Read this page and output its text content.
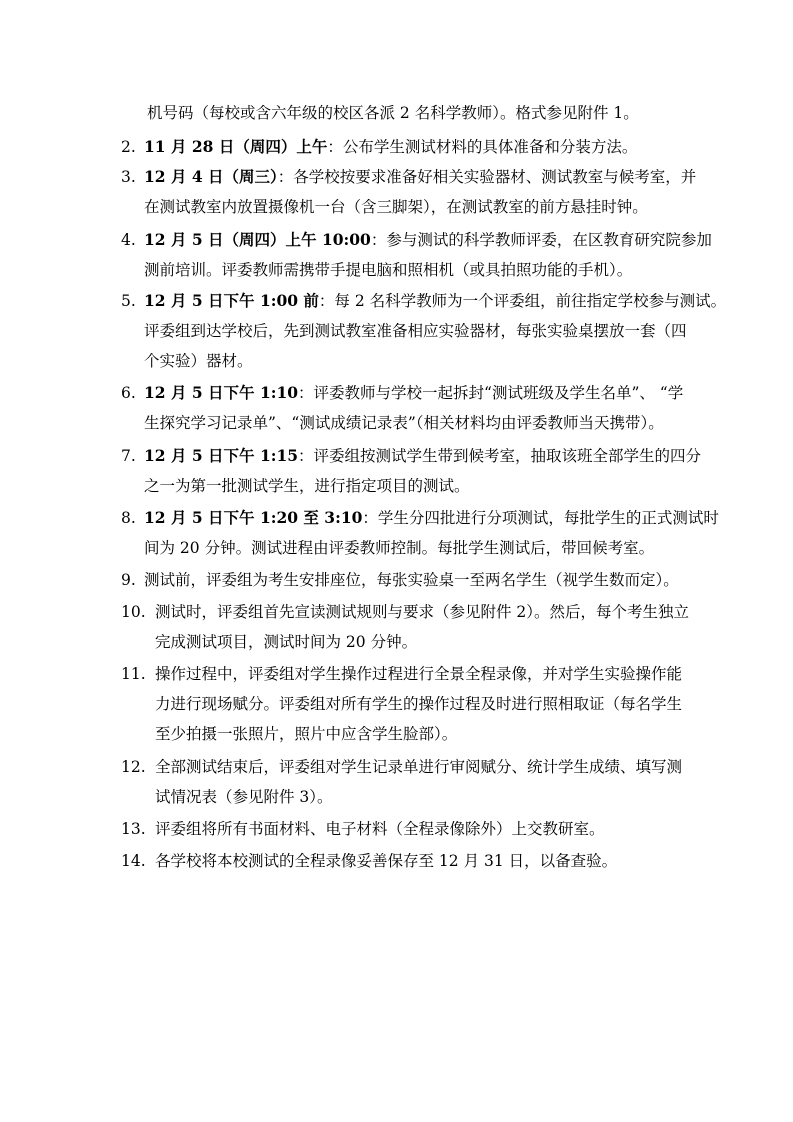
机号码（每校或含六年级的校区各派 2 名科学教师）。格式参见附件 1。
2. 11 月 28 日（周四）上午：公布学生测试材料的具体准备和分装方法。
3. 12 月 4 日（周三）：各学校按要求准备好相关实验器材、测试教室与候考室，并
在测试教室内放置摄像机一台（含三脚架），在测试教室的前方悬挂时钟。
4. 12 月 5 日（周四）上午 10:00：参与测试的科学教师评委，在区教育研究院参加
测前培训。评委教师需携带手提电脑和照相机（或具拍照功能的手机）。
5. 12 月 5 日下午 1:00 前：每 2 名科学教师为一个评委组，前往指定学校参与测试。
评委组到达学校后，先到测试教室准备相应实验器材，每张实验桌摆放一套（四
个实验）器材。
6. 12 月 5 日下午 1:10：评委教师与学校一起拆封“测试班级及学生名单”、 “学
生探究学习记录单”、“测试成绩记录表”（相关材料均由评委教师当天携带）。
7. 12 月 5 日下午 1:15：评委组按测试学生带到候考室，抽取该班全部学生的四分
之一为第一批测试学生，进行指定项目的测试。
8. 12 月 5 日下午 1:20 至 3:10：学生分四批进行分项测试，每批学生的正式测试时
间为 20 分钟。测试进程由评委教师控制。每批学生测试后，带回候考室。
9. 测试前，评委组为考生安排座位，每张实验桌一至两名学生（视学生数而定）。
10. 测试时，评委组首先宣读测试规则与要求（参见附件 2）。然后，每个考生独立
完成测试项目，测试时间为 20 分钟。
11. 操作过程中，评委组对学生操作过程进行全景全程录像，并对学生实验操作能
力进行现场赋分。评委组对所有学生的操作过程及时进行照相取证（每名学生
至少拍摄一张照片，照片中应含学生脸部）。
12. 全部测试结束后，评委组对学生记录单进行审阅赋分、统计学生成绩、填写测
试情况表（参见附件 3）。
13. 评委组将所有书面材料、电子材料（全程录像除外）上交教研室。
14. 各学校将本校测试的全程录像妥善保存至 12 月 31 日，以备查验。
